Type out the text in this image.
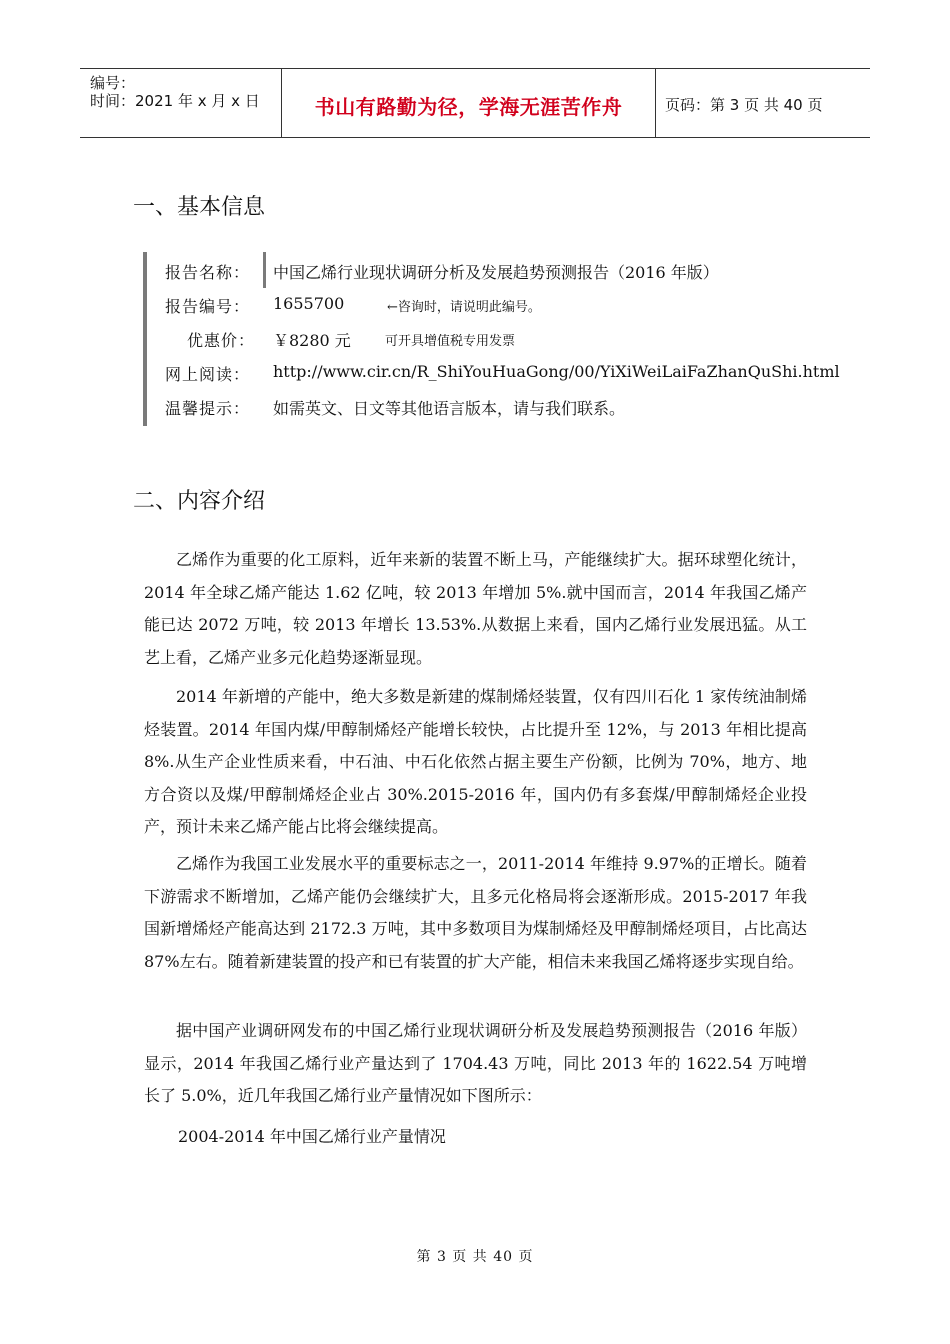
编号：
时间：2021 年 x 月 x 日	书山有路勤为径，学海无涯苦作舟	页码：第 3 页 共 40 页
一、基本信息
报告名称： 中国乙烯行业现状调研分析及发展趋势预测报告（2016 年版）
报告编号： 1655700	←咨询时，请说明此编号。
优惠价：	￥8280 元	可开具增值税专用发票
网上阅读： http://www.cir.cn/R_ShiYouHuaGong/00/YiXiWeiLaiFaZhanQuShi.html
温馨提示： 如需英文、日文等其他语言版本，请与我们联系。
二、内容介绍

乙烯作为重要的化工原料，近年来新的装置不断上马，产能继续扩大。据环球塑化统计，2014 年全球乙烯产能达 1.62 亿吨，较 2013 年增加 5%.就中国而言，2014 年我国乙烯产能已达 2072 万吨，较 2013 年增长 13.53%.从数据上来看，国内乙烯行业发展迅猛。从工艺上看，乙烯产业多元化趋势逐渐显现。

2014 年新增的产能中，绝大多数是新建的煤制烯烃装置，仅有四川石化 1 家传统油制烯烃装置。2014 年国内煤/甲醇制烯烃产能增长较快，占比提升至 12%，与 2013 年相比提高 8%.从生产企业性质来看，中石油、中石化依然占据主要生产份额，比例为 70%，地方、地方合资以及煤/甲醇制烯烃企业占 30%.2015-2016 年，国内仍有多套煤/甲醇制烯烃企业投产，预计未来乙烯产能占比将会继续提高。

乙烯作为我国工业发展水平的重要标志之一，2011-2014 年维持 9.97%的正增长。随着下游需求不断增加，乙烯产能仍会继续扩大，且多元化格局将会逐渐形成。2015-2017 年我国新增烯烃产能高达到 2172.3 万吨，其中多数项目为煤制烯烃及甲醇制烯烃项目，占比高达 87%左右。随着新建装置的投产和已有装置的扩大产能，相信未来我国乙烯将逐步实现自给。

据中国产业调研网发布的中国乙烯行业现状调研分析及发展趋势预测报告（2016 年版）显示，2014 年我国乙烯行业产量达到了 1704.43 万吨，同比 2013 年的 1622.54 万吨增长了 5.0%，近几年我国乙烯行业产量情况如下图所示：

2004-2014 年中国乙烯行业产量情况
第 3 页 共 40 页
